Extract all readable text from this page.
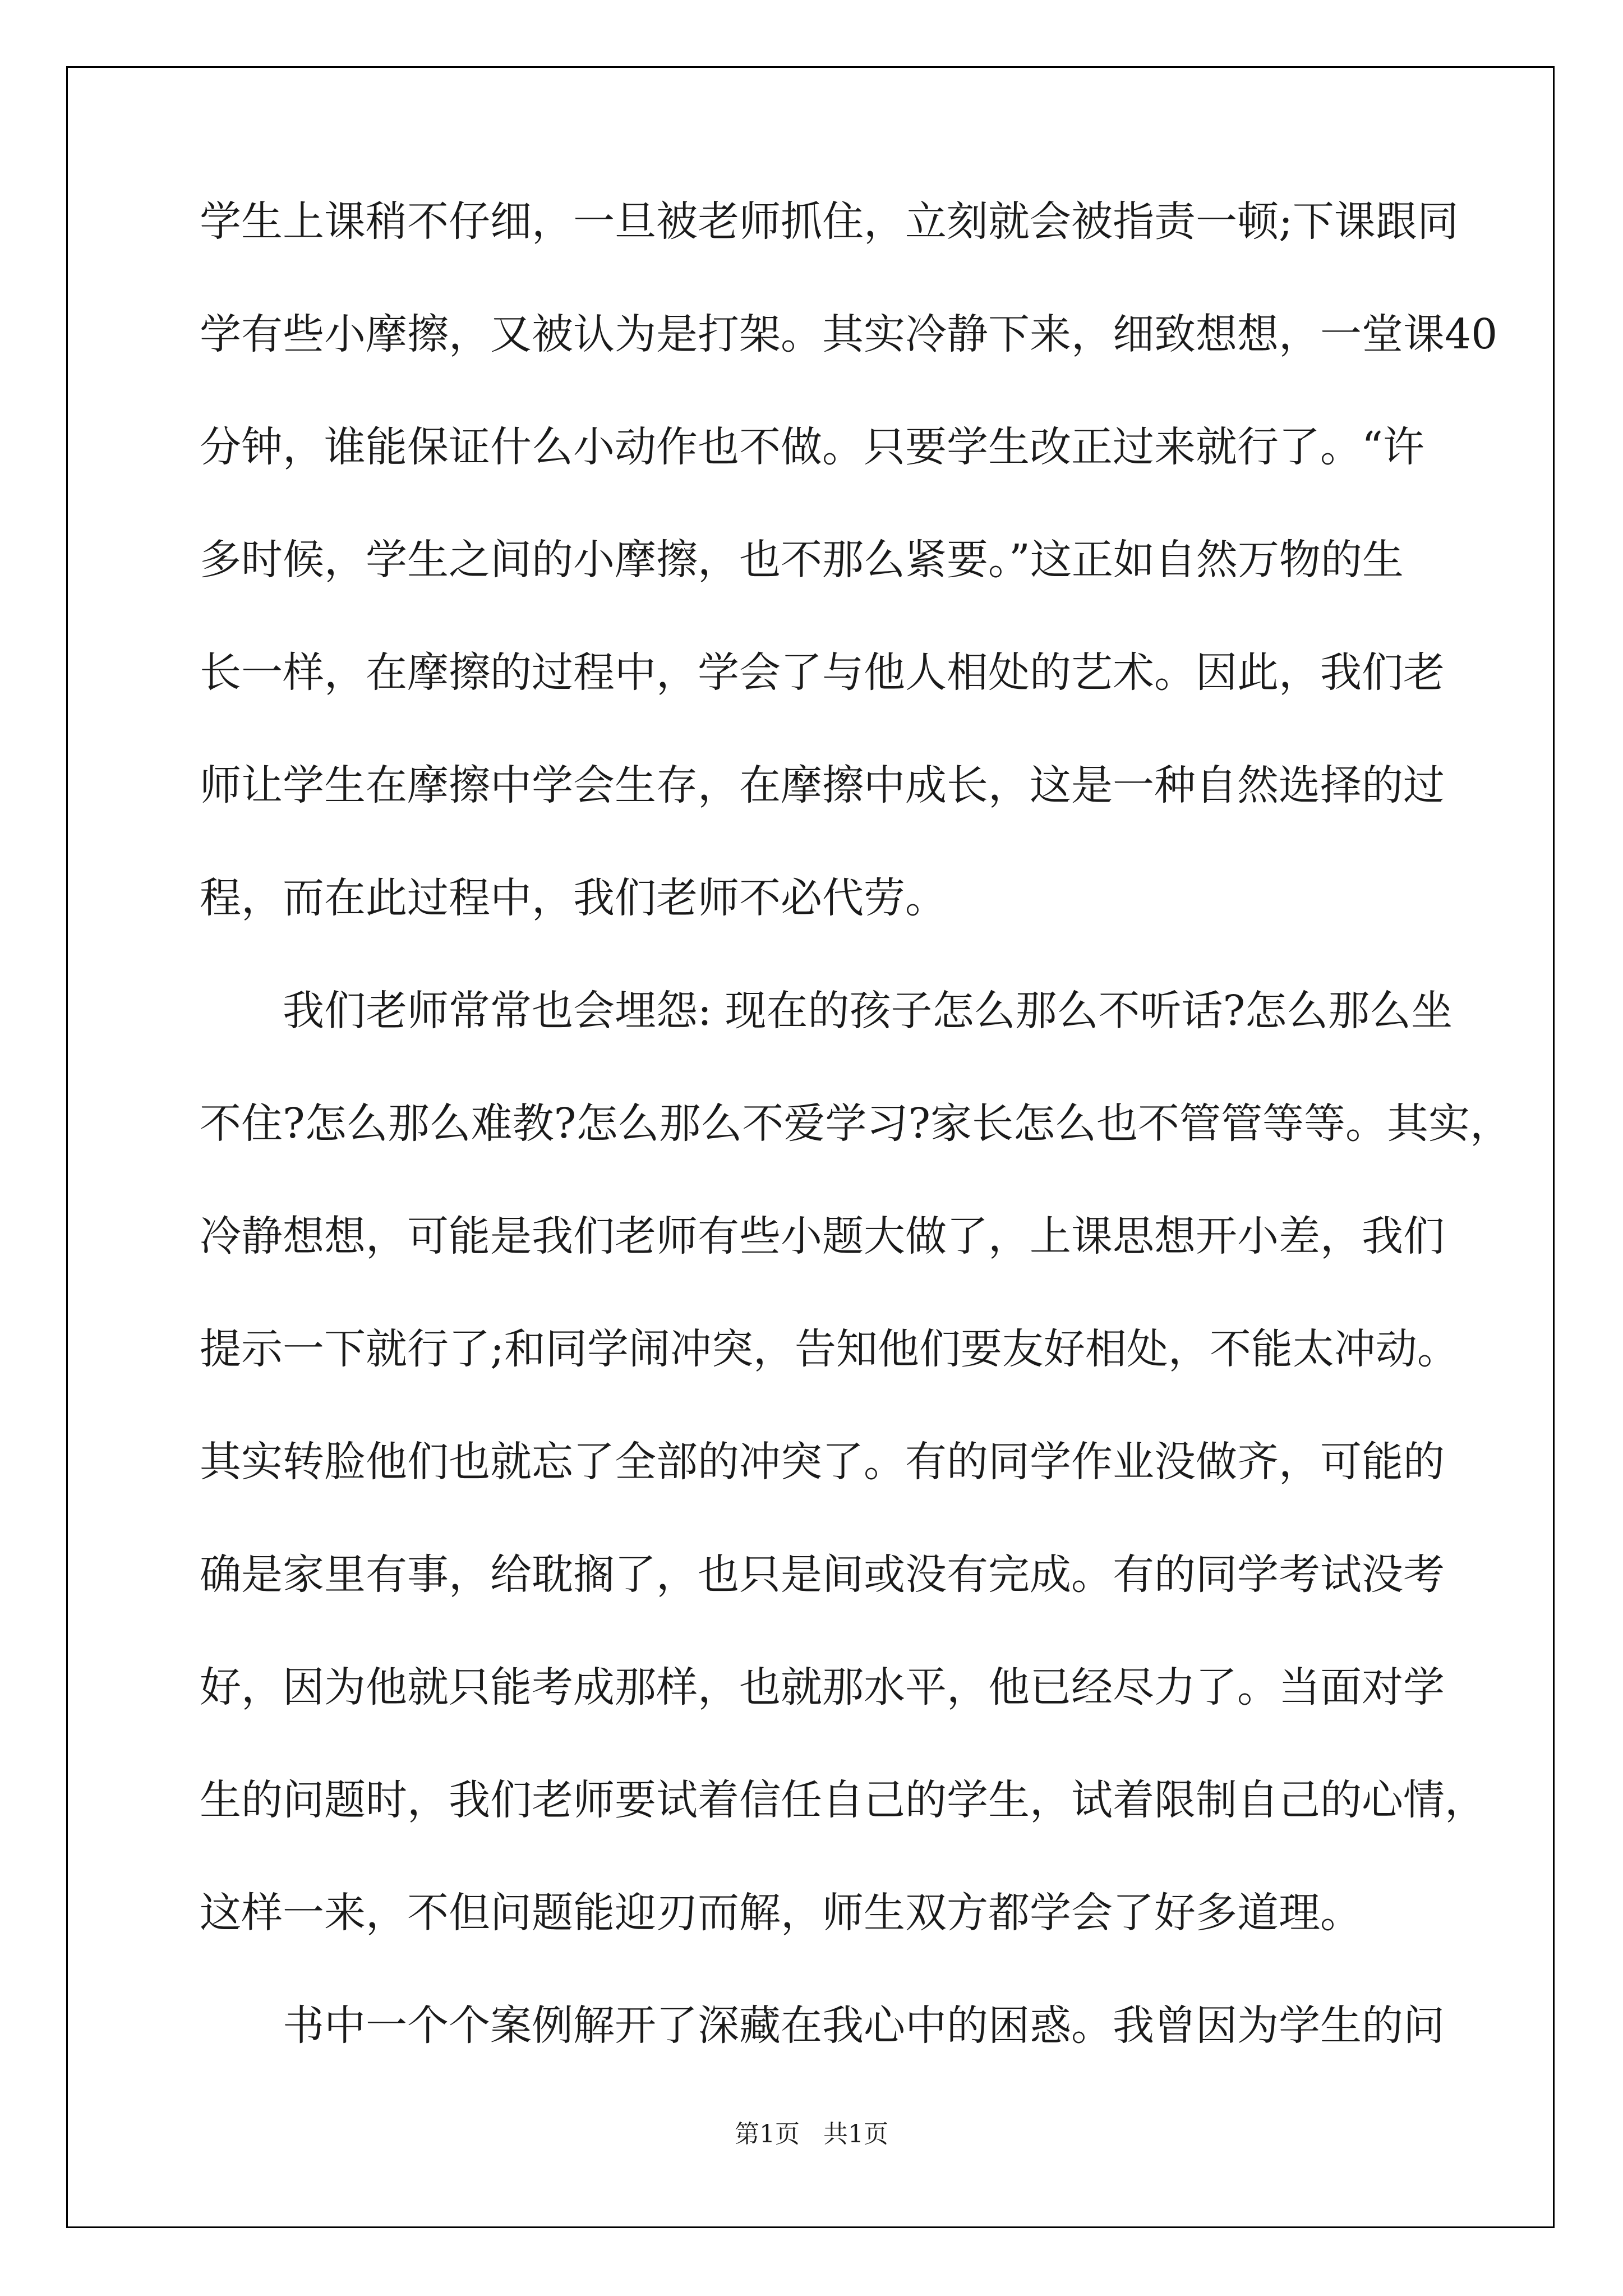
学生上课稍不仔细，一旦被老师抓住，立刻就会被指责一顿;下课跟同
学有些小摩擦，又被认为是打架。其实冷静下来，细致想想，一堂课40
分钟，谁能保证什么小动作也不做。只要学生改正过来就行了。“许
多时候，学生之间的小摩擦，也不那么紧要。”这正如自然万物的生
长一样，在摩擦的过程中，学会了与他人相处的艺术。因此，我们老
师让学生在摩擦中学会生存，在摩擦中成长，这是一种自然选择的过
程，而在此过程中，我们老师不必代劳。
我们老师常常也会埋怨: 现在的孩子怎么那么不听话?怎么那么坐
不住?怎么那么难教?怎么那么不爱学习?家长怎么也不管管等等。其实，
冷静想想，可能是我们老师有些小题大做了，上课思想开小差，我们
提示一下就行了;和同学闹冲突，告知他们要友好相处，不能太冲动。
其实转脸他们也就忘了全部的冲突了。有的同学作业没做齐，可能的
确是家里有事，给耽搁了，也只是间或没有完成。有的同学考试没考
好，因为他就只能考成那样，也就那水平，他已经尽力了。当面对学
生的问题时，我们老师要试着信任自己的学生，试着限制自己的心情，
这样一来，不但问题能迎刃而解，师生双方都学会了好多道理。
书中一个个案例解开了深藏在我心中的困惑。我曾因为学生的问
第1页   共1页
